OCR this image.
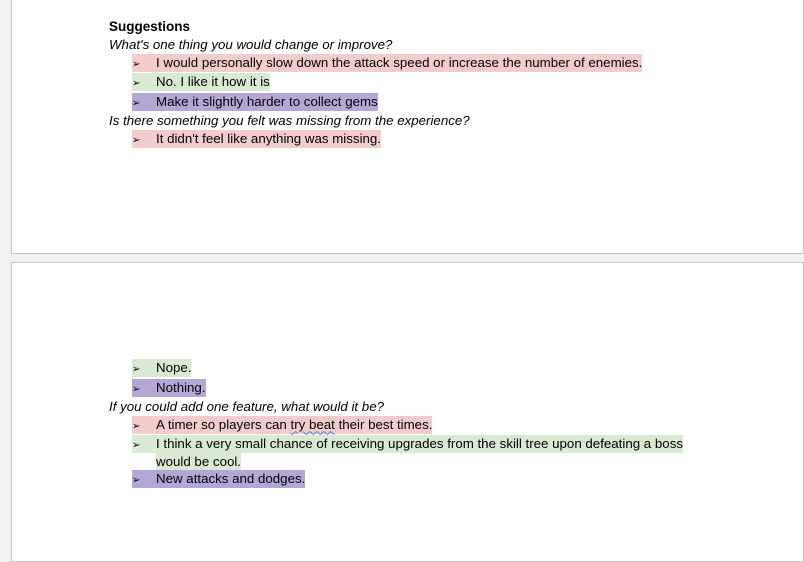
Suggestions
What's one thing you would change or improve?
➢ I would personally slow down the attack speed or increase the number of enemies.
➢ No. I like it how it is
➢ Make it slightly harder to collect gems
Is there something you felt was missing from the experience?
➢ It didn't feel like anything was missing.
➢ Nope.
➢ Nothing.
If you could add one feature, what would it be?
➢ A timer so players can try beat their best times.
➢	I think a very small chance of receiving upgrades from the skill tree upon defeating a boss would be cool.
➢ New attacks and dodges.
